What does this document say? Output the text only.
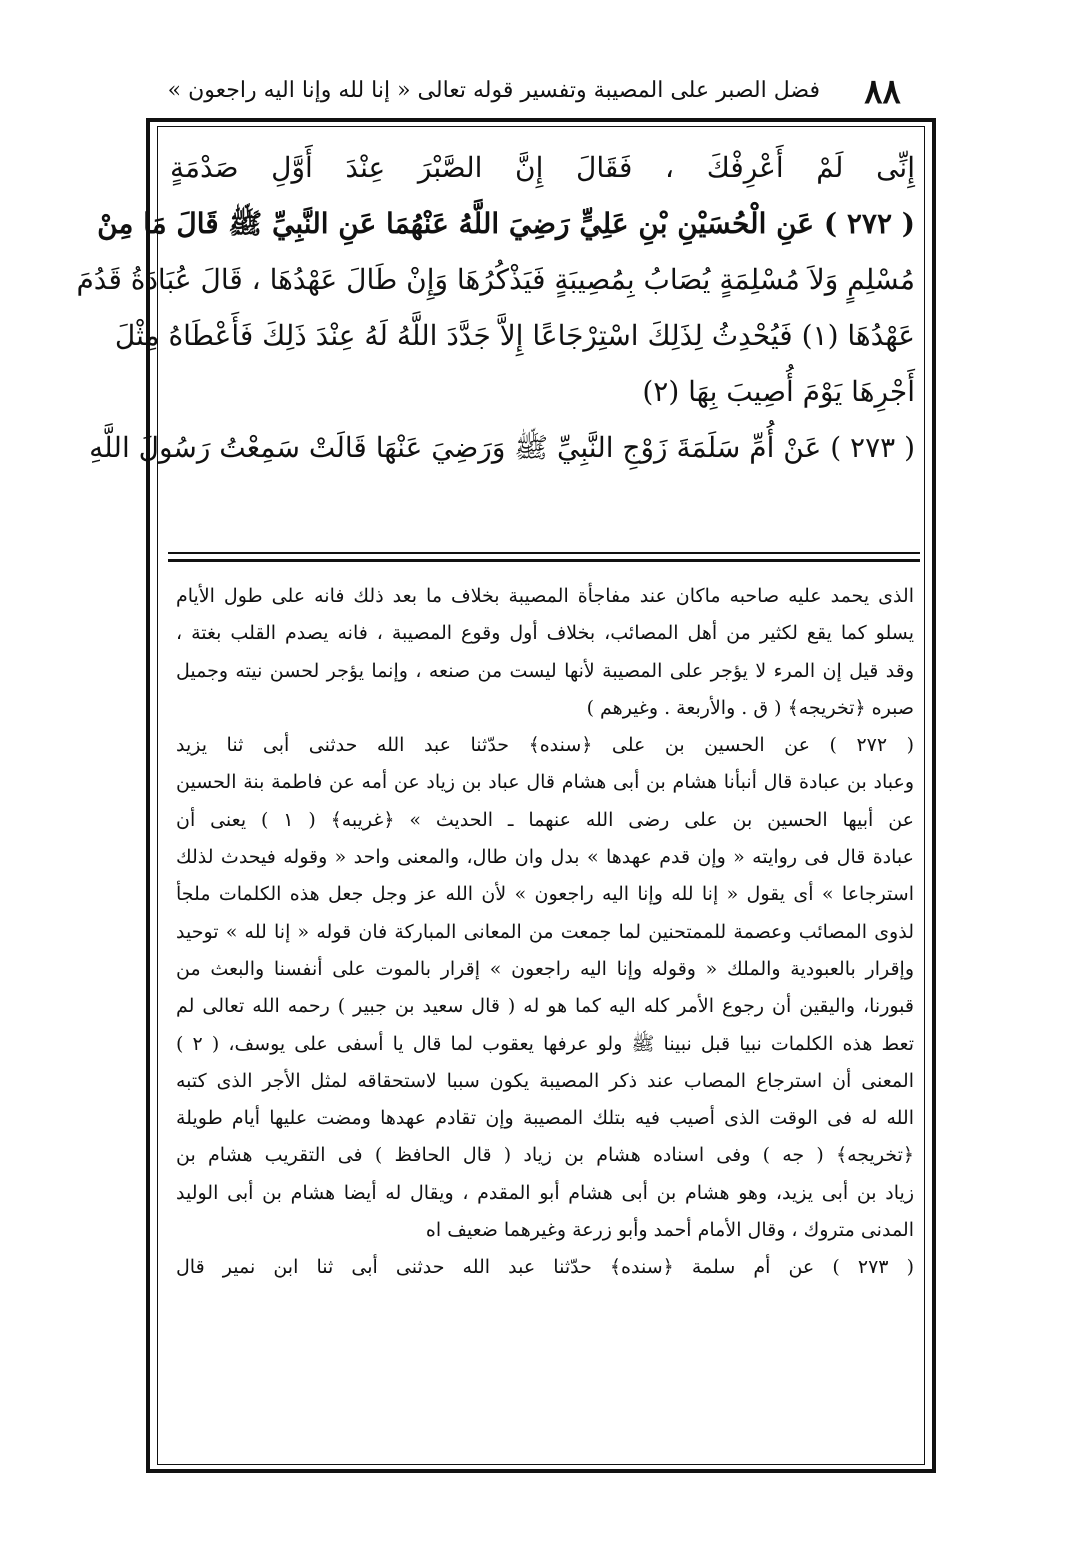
٨٨
فضل الصبر على المصيبة وتفسير قوله تعالى « إنا لله وإنا اليه راجعون »
إِنِّى لَمْ أَعْرِفْكَ ، فَقَالَ إِنَّ الصَّبْرَ عِنْدَ أَوَّلِ صَدْمَةٍ
( ٢٧٢ ) عَنِ الْحُسَيْنِ بْنِ عَلِيٍّ رَضِيَ اللَّهُ عَنْهُمَا عَنِ النَّبِيِّ ﷺ قَالَ مَا مِنْ
مُسْلِمٍ وَلاَ مُسْلِمَةٍ يُصَابُ بِمُصِيبَةٍ فَيَذْكُرُهَا وَإِنْ طَالَ عَهْدُهَا ، قَالَ عُبَادَةُ قَدُمَ
عَهْدُهَا (١) فَيُحْدِثُ لِذَلِكَ اسْتِرْجَاعًا إِلاَّ جَدَّدَ اللَّهُ لَهُ عِنْدَ ذَلِكَ فَأَعْطَاهُ مِثْلَ
أَجْرِهَا يَوْمَ أُصِيبَ بِهَا (٢)
( ٢٧٣ ) عَنْ أُمِّ سَلَمَةَ زَوْجِ النَّبِيِّ ﷺ وَرَضِيَ عَنْهَا قَالَتْ سَمِعْتُ رَسُولَ اللَّهِ
الذى يحمد عليه صاحبه ماكان عند مفاجأة المصيبة بخلاف ما بعد ذلك فانه على طول الأيام
يسلو كما يقع لكثير من أهل المصائب، بخلاف أول وقوع المصيبة ، فانه يصدم القلب بغتة ،
وقد قيل إن المرء لا يؤجر على المصيبة لأنها ليست من صنعه ، وإنما يؤجر لحسن نيته وجميل
صبره ﴿تخريجه﴾ ( ق . والأربعة . وغيرهم )
( ٢٧٢ ) عن الحسين بن على ﴿سنده﴾ حدّثنا عبد الله حدثنى أبى ثنا يزيد
وعباد بن عبادة قال أنبأنا هشام بن أبى هشام قال عباد بن زياد عن أمه عن فاطمة بنة الحسين
عن أبيها الحسين بن على رضى الله عنهما ـ الحديث » ﴿غريبه﴾ ( ١ ) يعنى أن
عبادة قال فى روايته « وإن قدم عهدها » بدل وان طال، والمعنى واحد « وقوله فيحدث لذلك
استرجاعا » أى يقول « إنا لله وإنا اليه راجعون » لأن الله عز وجل جعل هذه الكلمات ملجأ
لذوى المصائب وعصمة للممتحنين لما جمعت من المعانى المباركة فان قوله « إنا لله » توحيد
وإقرار بالعبودية والملك « وقوله وإنا اليه راجعون » إقرار بالموت على أنفسنا والبعث من
قبورنا، واليقين أن رجوع الأمر كله اليه كما هو له ( قال سعيد بن جبير ) رحمه الله تعالى لم
تعط هذه الكلمات نبيا قبل نبينا ﷺ ولو عرفها يعقوب لما قال يا أسفى على يوسف، ( ٢ )
المعنى أن استرجاع المصاب عند ذكر المصيبة يكون سببا لاستحقاقه لمثل الأجر الذى كتبه
الله له فى الوقت الذى أصيب فيه بتلك المصيبة وإن تقادم عهدها ومضت عليها أيام طويلة
﴿تخريجه﴾ ( جه ) وفى اسناده هشام بن زياد ( قال الحافظ ) فى التقريب هشام بن
زياد بن أبى يزيد، وهو هشام بن أبى هشام أبو المقدم ، ويقال له أيضا هشام بن أبى الوليد
المدنى متروك ، وقال الأمام أحمد وأبو زرعة وغيرهما ضعيف اه
( ٢٧٣ ) عن أم سلمة ﴿سنده﴾ حدّثنا عبد الله حدثنى أبى ثنا ابن نمير قال
